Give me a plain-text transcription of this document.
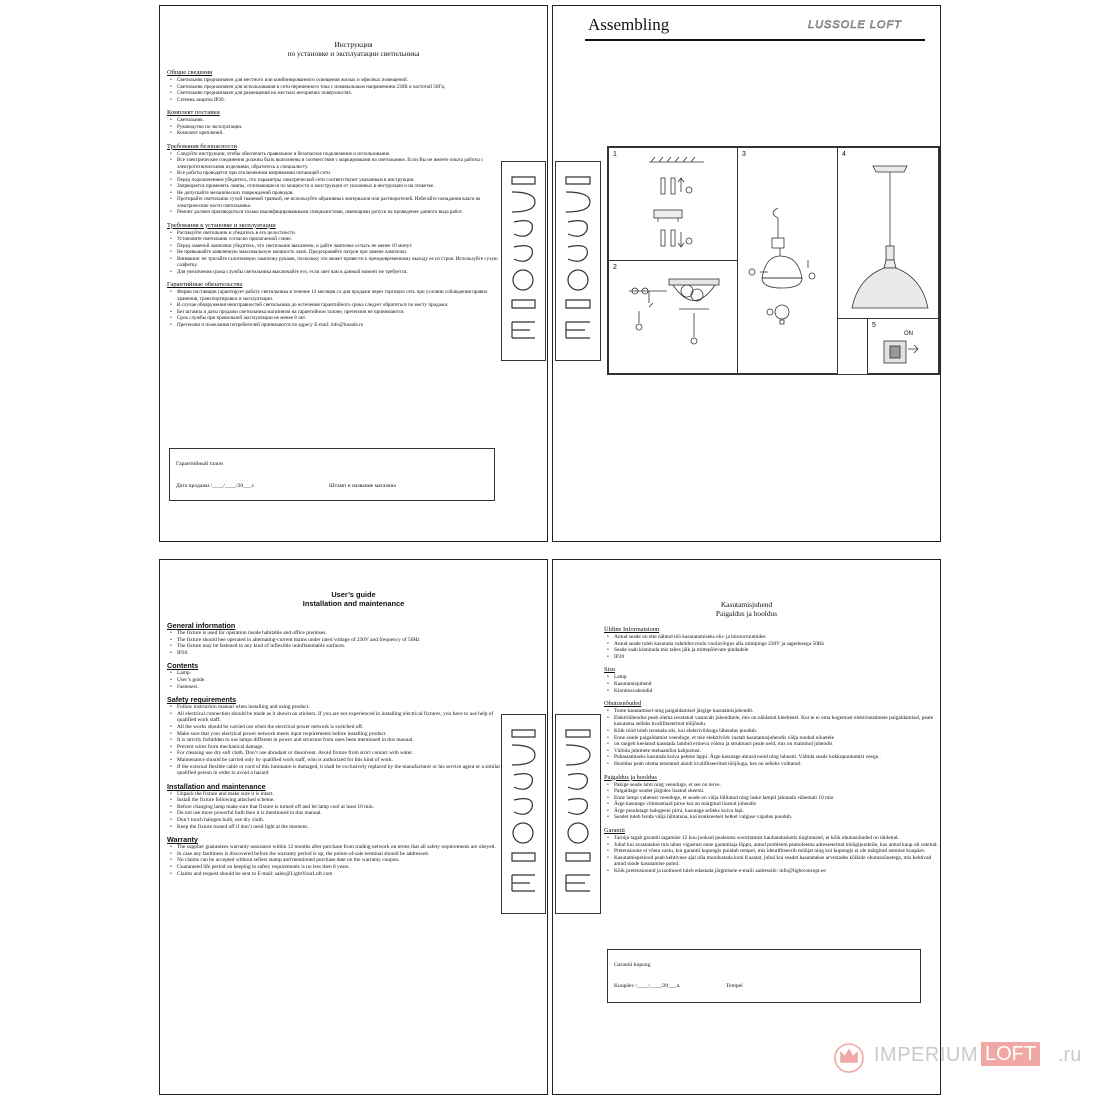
Инструкция
по установке и эксплуатации светильника
Общие сведения
• Светильник предназначен для местного или комбинированного освещения жилых и офисных помещений.
• Светильник предназначен для использования в сети переменного тока с номинальным напряжением 230В и частотой 50Гц.
• Светильник предназначен для размещения на жестких негорючих поверхностях.
• Степень защиты IP20.
Комплект поставки
• Светильник.
• Руководство по эксплуатации.
• Комплект креплений.
Требования безопасности
• Следуйте инструкции, чтобы обеспечить правильное и безопасное подключение и использование.
• Все электрические соединения должны быть выполнены в соответствии с маркировками на светильнике. Если Вы не имеете опыта работы с электротехническими изделиями, обратитесь к специалисту.
• Все работы проводятся при отключенном напряжении питающей сети.
• Перед подключением убедитесь, что параметры электрической сети соответствуют указанным в инструкции.
• Запрещается применять лампы, отличающиеся по мощности и конструкции от указанных в инструкции и на этикетке.
• Не допускайте механических повреждений проводов.
• Протирайте светильник сухой тканевой тряпкой, не используйте абразивных материалов или растворителей. Избегайте попадания влаги на электрические части светильника.
• Ремонт должен производиться только квалифицированными специалистами, имеющими допуск на проведение данного вида работ.
Требования к установке и эксплуатации
• Распакуйте светильник и убедитесь в его целостности.
• Установите светильник согласно прилагаемой схеме.
• Перед заменой лампочки убедитесь, что светильник выключен, и дайте лампочке остыть не менее 10 минут.
• Не превышайте заявленную максимальную мощность ламп. Предохраняйте патрон при замене лампочки.
• Внимание: не трогайте галогеновую лампочку руками, поскольку это может привести к преждевременному выходу ее из строя. Используйте сухую салфетку.
• Для увеличения срока службы светильника выключайте его, если свет вам в данный момент не требуется.
Гарантийные обязательства
• Фирма поставщик гарантирует работу светильника в течение 12 месяцев со дня продажи через торговую сеть при условии соблюдения правил хранения, транспортировки и эксплуатации.
• В случае обнаружения неисправностей светильника до истечения гарантийного срока следует обратиться по месту продажи.
• Без штампа и даты продажи светильника магазином на гарантийном талоне, претензии не принимаются.
• Срок службы при правильной эксплуатации не менее 8 лет.
• Претензии и пожелания потребителей принимаются по адресу E-mail: info@lussole.ru
Гарантийный талон
Дата продажи /____/____/20___г.	Штамп и название магазина
Assembling	LUSSOLE LOFT
1
2
3	4
5
ON
User’s guide
Installation and maintenance
General information
• The fixture is used for operation inside habitable and office premises.
• The fixture should bee operated in alternating-current mains under rated voltage of 230V and frequency of 50Hz
• The fixture may be fastened to any kind of inflexible uninflammable surfaces.
• IP20.
Contents
• Lamp.
• User’s guide.
• Fasteners.
Safety requirements
• Follow instruction manual when installing and using product.
• All electrical connection should be made as it shown on stickers. If you are not experienced in installing electrical fixtures, you have to use help of qualified work staff.
• All the works should be carried out when the electrical power network is switched off.
• Make sure that your electrical power network meets input requirements before installing product.
• It is strictly forbidden to use lamps different in power and structure from ones been mentioned in this manual.
• Prevent wires from mechanical damage.
• For cleaning use dry soft cloth. Don’t use abrudant or dissolvent. Avoid fixture from strict contact with water.
• Maintenance should be carried only by qualified work staff, who is authorized for this kind of work.
• If the external flexible cable or cord of this luminaire is damaged, it shall be exclusively replaced by the manufacturer or his service agent or a similar qualified person in order to avoid a hazard
Installation and maintenance
• Unpack the fixture and make sure it is intact.
• Install the fixture following attached scheme.
• Before changing lamp make sure that fixture is turned off and let lamp cool at least 10 min.
• Do not use more powerful bulb then it is mentioned in this manual.
• Don’t touch halogen bulb, use dry cloth.
• Keep the fixture turned off if don’t need light at the moment.
Warranty
• The supplier guarantees warranty assurance within 12 months after purchase from trading network on terms that all safety requirements are obeyed.
• In case any faultiness is discovered before the warranty period is up, the points-of-sale terminal should be addressed.
• No claims can be accepted without sellers stamp and mentioned purchase date on the warranty coupon.
• Guaranteed life period on keeping to safety requirements is no less then 8 years.
• Claims and request should be sent to E-mail: sales@LightYourLoft.com
Kasutamisjuhend
Paigaldus ja hooldus
Üldine Informatsioon
• Antud seade on ette nähtud töö kasutatamiseks elu- ja büroorruumides
• Antud seade tuleb kasutada vahelduvvoolu voolavõrgus alla nimipinge 230V ja sagedusega 50Hz
• Seade saab kinnitada mis tahes jäik ja mittepõlevate pindadele
• IP20
Sisu
• Lamp
• Kasutamisjuhend
• Kinnitusvahendid
Ohutusnõuded
• Toote kasutamisel ning paigaldamisel järgige kasutamisjuhendit.
• Elektriühendus peab olema teostatud vastavalt juhenditele, mis on näidatud kleebistel. Kui te ei oma kogemust elektriseadmete paigaldamisel, peate kasutama selleks kvalifitseeritud tööjõudu.
• Kõik tööd tuleb teostada siis, kui elektrivõrkuga lähendus puudub.
• Enne seade paigaldamist veenduge, et teie elektrivõrk vastab kasutamisjuhendis välja toodud nõuetele
• on rangelt keelatud kasutada lambid erineva võimu ja struktuuri peale neid, mis on mainitud juhendis
• Vältida juhtmete mehaanilist kahjustust.
• Puhastamiseks kasutada kuiva pehme lappi. Ärge kasutage abrasiivseid ning lahustit. Vältida seade kokkupuutumist veega .
• Hooldus peab olema teostatud ainult kvalifitseeritud tööjõuga, kes on selleks volitatud.
Paigaldus ja hooldus
• Pakige seade lahti ning veenduge, et see on terve.
• Paigaldage seadet järgides lisatud skeemi.
• Enne lampi vahetust veenduge, et seade on välja lülitatud ning laske lampil jahutada vähemalt 10 min
• Ärge kasutage võimsamaid pirne kui on märgitud lisatud juhendis
• Ärge puudutage halogeeni pirni, kasutage selleks kuiva lapi.
• Seadet tuleb hoida välja lülitatuna, kui konkreetsel hetkel valguse vajadus puudub.
Garantii
• Tarnija tagab garantii tagamise 12 kuu jooksul pealeostu soorritamist kaubandusketis tingimustel, et kõik ohutusnõuded on täidetud.
• Juhul kui avastatakse mis tahes vigastust enne garantiiaja lõppu, antud probleem peaboleema adresseeritud müügipunktile, kus antud kaup oli ostetud.
• Pretensioone ei võeta vastu, kui garantii kupongis puudub tempel, mis identifitseerib müüjat ning kui kupongis ei ole märgitud ostmise kuupäev.
• Kasutamisperiood peab kehtivuse ajal olla moodustada kuni 8 aastat, juhul kui seadet kasutatakse arvestades kõikide ohutusnõuetega, mis kehtivad antud toode kasutamise puhul.
• Kõik pretensioonid ja taotlused tuleb edastada järgmisele e-maili aadressile: info@lightconcept.ee
Garantii kupong
Kuupäev /____/____/20___a.	Tempel
IMPERIUM LOFT .ru
